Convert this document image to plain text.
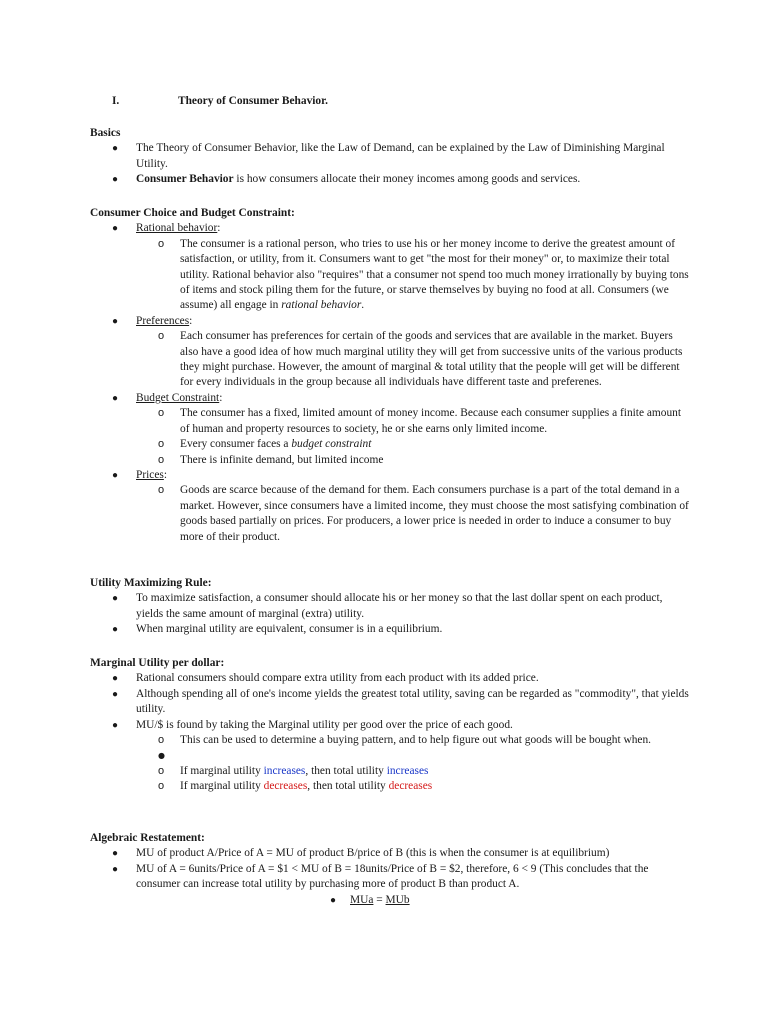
I.	Theory of Consumer Behavior.

Basics

●	The Theory of Consumer Behavior, like the Law of Demand, can be explained by the Law of Diminishing Marginal Utility.
●	Consumer Behavior is how consumers allocate their money incomes among goods and services.

Consumer Choice and Budget Constraint:

●	Rational behavior:
o The consumer is a rational person, who tries to use his or her money income to derive the greatest amount of satisfaction, or utility, from it. Consumers want to get "the most for their money" or, to maximize their total utility. Rational behavior also "requires" that a consumer not spend too much money irrationally by buying tons of items and stock piling them for the future, or starve themselves by buying no food at all. Consumers (we assume) all engage in rational behavior.
●	Preferences:
o Each consumer has preferences for certain of the goods and services that are available in the market. Buyers also have a good idea of how much marginal utility they will get from successive units of the various products they might purchase. However, the amount of marginal & total utility that the people will get will be different for every individuals in the group because all individuals have different taste and preferenes.
●	Budget Constraint:
o The consumer has a fixed, limited amount of money income. Because each consumer supplies a finite amount of human and property resources to society, he or she earns only limited income.
o Every consumer faces a budget constraint
o There is infinite demand, but limited income
●	Prices:
o Goods are scarce because of the demand for them. Each consumers purchase is a part of the total demand in a market. However, since consumers have a limited income, they must choose the most satisfying combination of goods based partially on prices. For producers, a lower price is needed in order to induce a consumer to buy more of their product.

Utility Maximizing Rule:

●	To maximize satisfaction, a consumer should allocate his or her money so that the last dollar spent on each product, yields the same amount of marginal (extra) utility.
●	When marginal utility are equivalent, consumer is in a equilibrium.

Marginal Utility per dollar:

●	Rational consumers should compare extra utility from each product with its added price.
●	Although spending all of one's income yields the greatest total utility, saving can be regarded as "commodity", that yields utility.
●	MU/$ is found by taking the Marginal utility per good over the price of each good.
o This can be used to determine a buying pattern, and to help figure out what goods will be bought when.
●

o If marginal utility increases, then total utility increases
o If marginal utility decreases, then total utility decreases

Algebraic Restatement:

●	MU of product A/Price of A = MU of product B/price of B (this is when the consumer is at equilibrium)
●	MU of A = 6units/Price of A = $1 < MU of B = 18units/Price of B = $2, therefore, 6 < 9 (This concludes that the consumer can increase total utility by purchasing more of product B than product A.
● MUa = MUb
